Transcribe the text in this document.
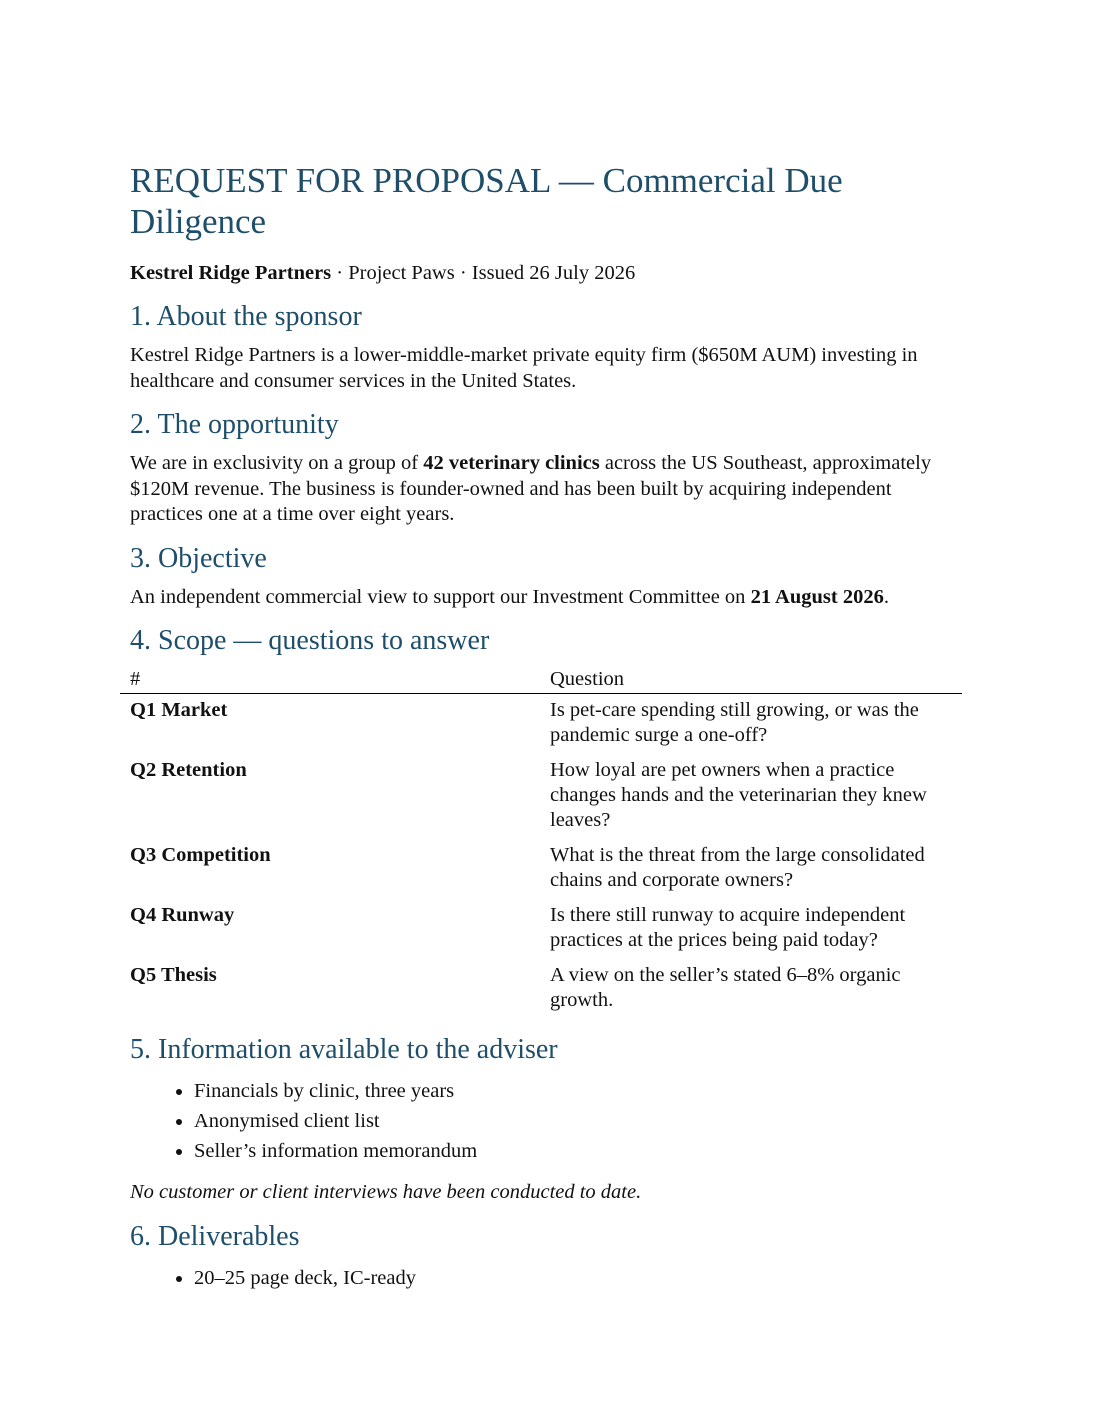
REQUEST FOR PROPOSAL — Commercial Due Diligence
Kestrel Ridge Partners · Project Paws · Issued 26 July 2026
1. About the sponsor

Kestrel Ridge Partners is a lower-middle-market private equity firm ($650M AUM) investing in healthcare and consumer services in the United States.

2. The opportunity

We are in exclusivity on a group of 42 veterinary clinics across the US Southeast, approximately $120M revenue. The business is founder-owned and has been built by acquiring independent practices one at a time over eight years.

3. Objective

An independent commercial view to support our Investment Committee on 21 August 2026.

4. Scope — questions to answer
#	Question
Q1 Market	Is pet-care spending still growing, or was the pandemic surge a one-off?
Q2 Retention	How loyal are pet owners when a practice changes hands and the veterinarian they knew leaves?
Q3 Competition	What is the threat from the large consolidated chains and corporate owners?
Q4 Runway	Is there still runway to acquire independent practices at the prices being paid today?
Q5 Thesis	A view on the seller’s stated 6–8% organic growth.
5. Information available to the adviser
• Financials by clinic, three years
• Anonymised client list
• Seller’s information memorandum

No customer or client interviews have been conducted to date.

6. Deliverables
• 20–25 page deck, IC-ready
